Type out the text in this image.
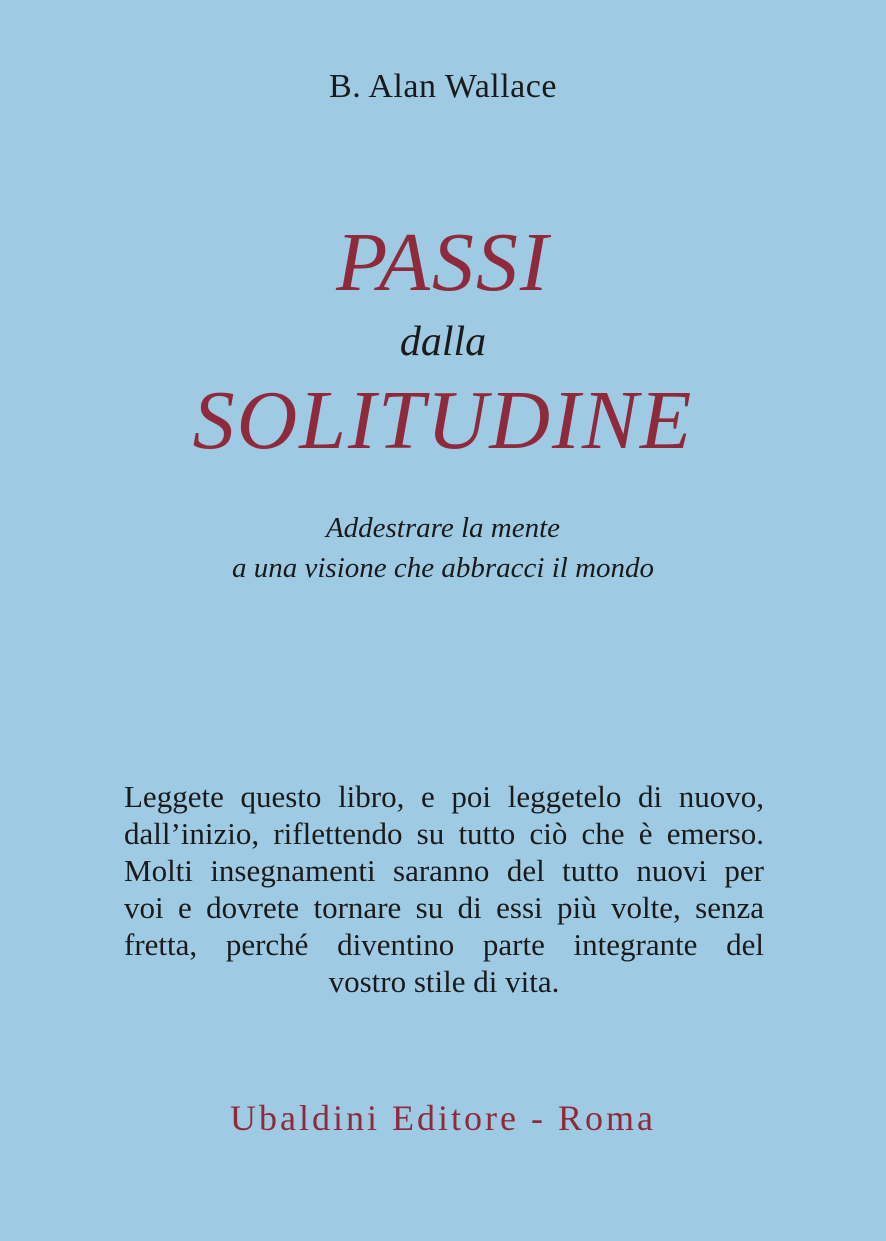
B. Alan Wallace
PASSI
dalla
SOLITUDINE
Addestrare la mente
a una visione che abbracci il mondo
Leggete questo libro, e poi leggetelo di nuovo,
dall’inizio, riflettendo su tutto ciò che è emerso.
Molti insegnamenti saranno del tutto nuovi per
voi e dovrete tornare su di essi più volte, senza
fretta, perché diventino parte integrante del
vostro stile di vita.
Ubaldini Editore - Roma
